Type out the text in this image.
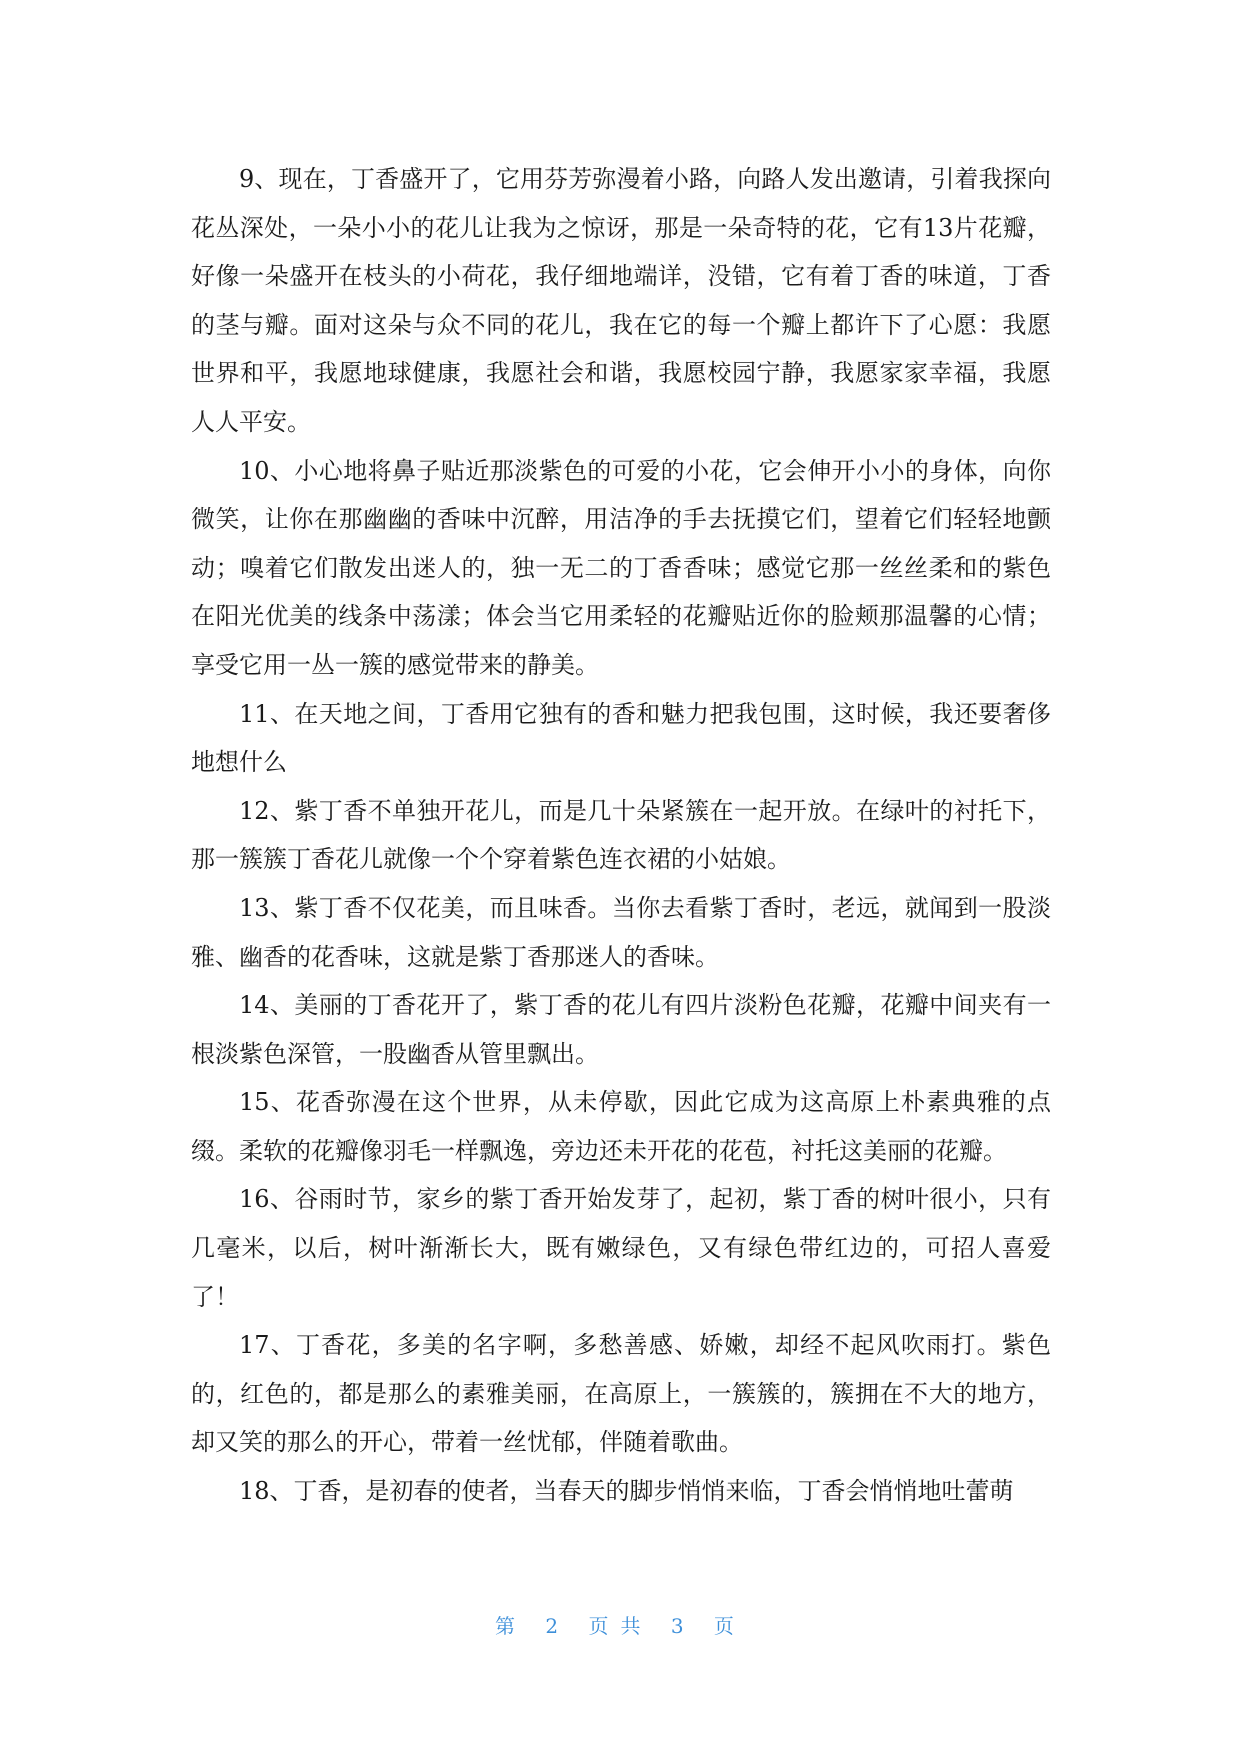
9、现在，丁香盛开了，它用芬芳弥漫着小路，向路人发出邀请，引着我探向花丛深处，一朵小小的花儿让我为之惊讶，那是一朵奇特的花，它有13片花瓣，好像一朵盛开在枝头的小荷花，我仔细地端详，没错，它有着丁香的味道，丁香的茎与瓣。面对这朵与众不同的花儿，我在它的每一个瓣上都许下了心愿：我愿世界和平，我愿地球健康，我愿社会和谐，我愿校园宁静，我愿家家幸福，我愿人人平安。

10、小心地将鼻子贴近那淡紫色的可爱的小花，它会伸开小小的身体，向你微笑，让你在那幽幽的香味中沉醉，用洁净的手去抚摸它们，望着它们轻轻地颤动；嗅着它们散发出迷人的，独一无二的丁香香味；感觉它那一丝丝柔和的紫色在阳光优美的线条中荡漾；体会当它用柔轻的花瓣贴近你的脸颊那温馨的心情；享受它用一丛一簇的感觉带来的静美。

11、在天地之间，丁香用它独有的香和魅力把我包围，这时候，我还要奢侈地想什么

12、紫丁香不单独开花儿，而是几十朵紧簇在一起开放。在绿叶的衬托下，那一簇簇丁香花儿就像一个个穿着紫色连衣裙的小姑娘。

13、紫丁香不仅花美，而且味香。当你去看紫丁香时，老远，就闻到一股淡雅、幽香的花香味，这就是紫丁香那迷人的香味。

14、美丽的丁香花开了，紫丁香的花儿有四片淡粉色花瓣，花瓣中间夹有一根淡紫色深管，一股幽香从管里飘出。

15、花香弥漫在这个世界，从未停歇，因此它成为这高原上朴素典雅的点缀。柔软的花瓣像羽毛一样飘逸，旁边还未开花的花苞，衬托这美丽的花瓣。

16、谷雨时节，家乡的紫丁香开始发芽了，起初，紫丁香的树叶很小，只有几毫米，以后，树叶渐渐长大，既有嫩绿色，又有绿色带红边的，可招人喜爱了！

17、丁香花，多美的名字啊，多愁善感、娇嫩，却经不起风吹雨打。紫色的，红色的，都是那么的素雅美丽，在高原上，一簇簇的，簇拥在不大的地方，却又笑的那么的开心，带着一丝忧郁，伴随着歌曲。

18、丁香，是初春的使者，当春天的脚步悄悄来临，丁香会悄悄地吐蕾萌

第 2 页共 3 页
